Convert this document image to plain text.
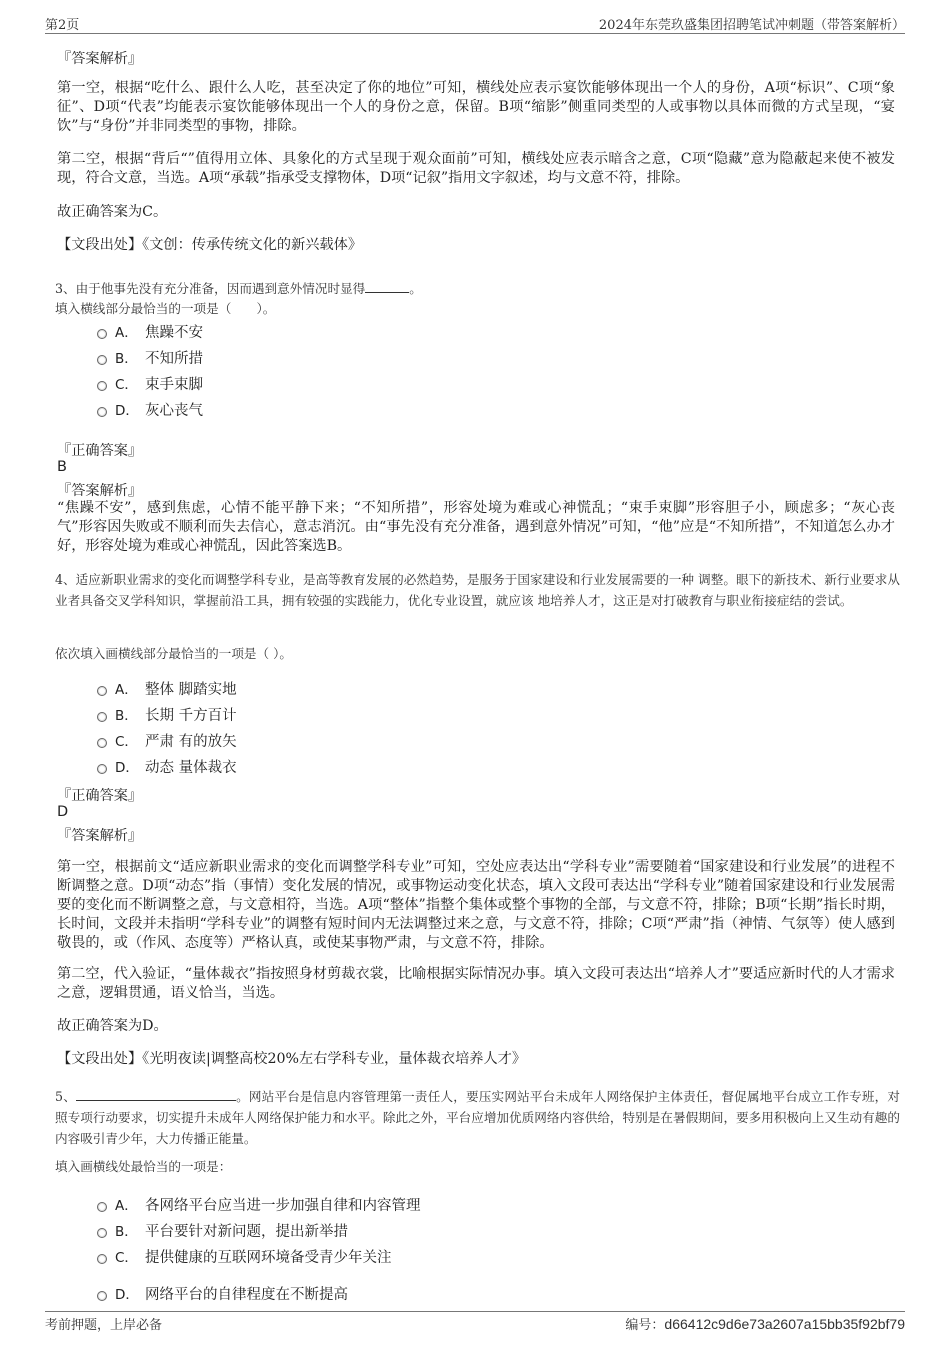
第2页	2024年东莞玖盛集团招聘笔试冲刺题（带答案解析）
『答案解析』
第一空，根据“吃什么、跟什么人吃，甚至决定了你的地位”可知，横线处应表示宴饮能够体现出一个人的身份，A项“标识”、C项“象征”、D项“代表”均能表示宴饮能够体现出一个人的身份之意，保留。B项“缩影”侧重同类型的人或事物以具体而微的方式呈现，“宴饮”与“身份”并非同类型的事物，排除。
第二空，根据“背后“”值得用立体、具象化的方式呈现于观众面前”可知，横线处应表示暗含之意，C项“隐藏”意为隐蔽起来使不被发现，符合文意，当选。A项“承载”指承受支撑物体，D项“记叙”指用文字叙述，均与文意不符，排除。
故正确答案为C。
【文段出处】《文创：传承传统文化的新兴载体》
3、由于他事先没有充分准备，因而遇到意外情况时显得	。
填入横线部分最恰当的一项是（　　）。
A． 焦躁不安
B． 不知所措
C． 束手束脚
D． 灰心丧气
『正确答案』
B
『答案解析』
“焦躁不安”，感到焦虑，心情不能平静下来；“不知所措”，形容处境为难或心神慌乱；“束手束脚”形容胆子小，顾虑多；“灰心丧气”形容因失败或不顺利而失去信心，意志消沉。由“事先没有充分准备，遇到意外情况”可知，“他”应是“不知所措”，不知道怎么办才好，形容处境为难或心神慌乱，因此答案选B。
4、适应新职业需求的变化而调整学科专业，是高等教育发展的必然趋势，是服务于国家建设和行业发展需要的一种 调整。眼下的新技术、新行业要求从业者具备交叉学科知识，掌握前沿工具，拥有较强的实践能力，优化专业设置，就应该 地培养人才，这正是对打破教育与职业衔接症结的尝试。
依次填入画横线部分最恰当的一项是（ ）。
A． 整体 脚踏实地
B． 长期 千方百计
C． 严肃 有的放矢
D． 动态 量体裁衣
『正确答案』
D
『答案解析』
第一空，根据前文“适应新职业需求的变化而调整学科专业”可知，空处应表达出“学科专业”需要随着“国家建设和行业发展”的进程不断调整之意。D项“动态”指（事情）变化发展的情况，或事物运动变化状态，填入文段可表达出“学科专业”随着国家建设和行业发展需要的变化而不断调整之意，与文意相符，当选。A项“整体”指整个集体或整个事物的全部，与文意不符，排除；B项“长期”指长时期，长时间，文段并未指明“学科专业”的调整有短时间内无法调整过来之意，与文意不符，排除；C项“严肃”指（神情、气氛等）使人感到敬畏的，或（作风、态度等）严格认真，或使某事物严肃，与文意不符，排除。
第二空，代入验证，“量体裁衣”指按照身材剪裁衣裳，比喻根据实际情况办事。填入文段可表达出“培养人才”要适应新时代的人才需求之意，逻辑贯通，语义恰当，当选。
故正确答案为D。
【文段出处】《光明夜读|调整高校20%左右学科专业，量体裁衣培养人才》
5、	。网站平台是信息内容管理第一责任人，要压实网站平台未成年人网络保护主体责任，督促属地平台成立工作专班，对照专项行动要求，切实提升未成年人网络保护能力和水平。除此之外，平台应增加优质网络内容供给，特别是在暑假期间，要多用积极向上又生动有趣的内容吸引青少年，大力传播正能量。
填入画横线处最恰当的一项是：
A． 各网络平台应当进一步加强自律和内容管理
B． 平台要针对新问题，提出新举措
C． 提供健康的互联网环境备受青少年关注
D． 网络平台的自律程度在不断提高
考前押题，上岸必备	编号：d66412c9d6e73a2607a15bb35f92bf79
